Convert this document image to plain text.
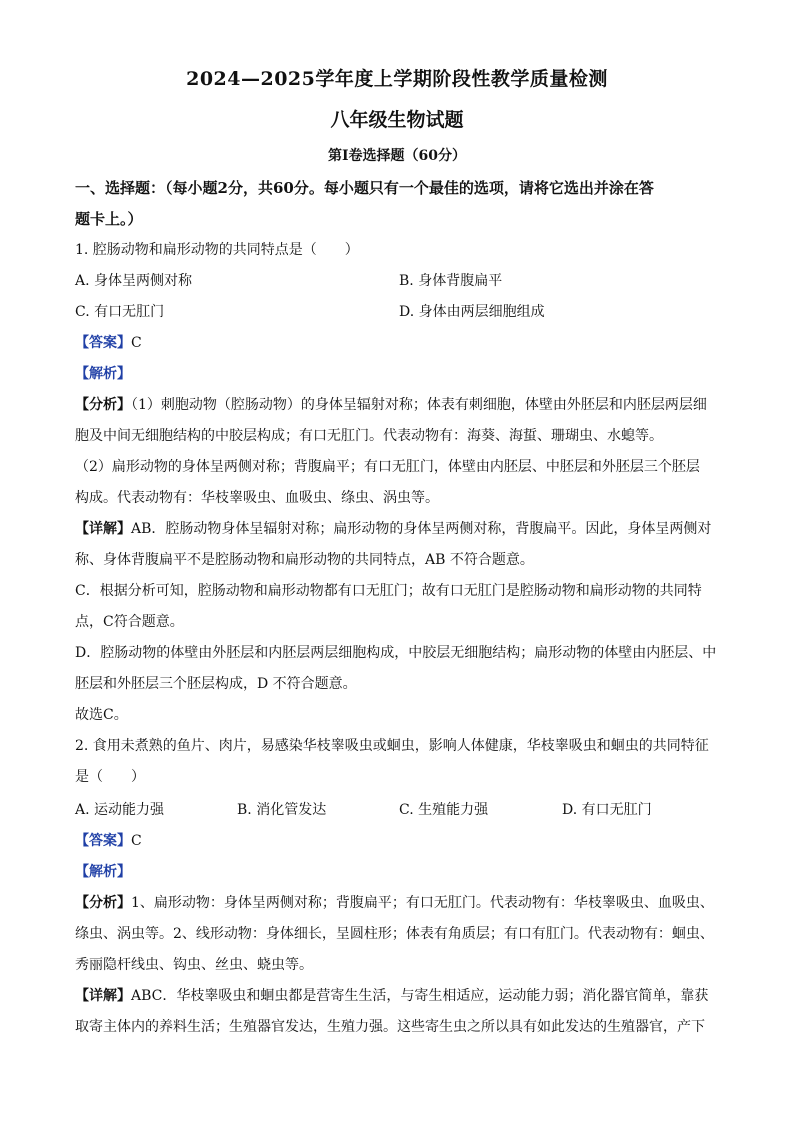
2024—2025学年度上学期阶段性教学质量检测
八年级生物试题
第I卷选择题（60分）
一、选择题：（每小题2分，共60分。每小题只有一个最佳的选项，请将它选出并涂在答
题卡上。）
1. 腔肠动物和扁形动物的共同特点是（　　）
A. 身体呈两侧对称	B. 身体背腹扁平
C. 有口无肛门	D. 身体由两层细胞组成
【答案】C
【解析】
【分析】（1）刺胞动物（腔肠动物）的身体呈辐射对称；体表有刺细胞，体壁由外胚层和内胚层两层细
胞及中间无细胞结构的中胶层构成；有口无肛门。代表动物有：海葵、海蜇、珊瑚虫、水螅等。
（2）扁形动物的身体呈两侧对称；背腹扁平；有口无肛门，体壁由内胚层、中胚层和外胚层三个胚层
构成。代表动物有：华枝睾吸虫、血吸虫、绦虫、涡虫等。
【详解】AB．腔肠动物身体呈辐射对称；扁形动物的身体呈两侧对称，背腹扁平。因此，身体呈两侧对
称、身体背腹扁平不是腔肠动物和扁形动物的共同特点，AB 不符合题意。
C．根据分析可知，腔肠动物和扁形动物都有口无肛门；故有口无肛门是腔肠动物和扁形动物的共同特
点，C符合题意。
D．腔肠动物的体壁由外胚层和内胚层两层细胞构成，中胶层无细胞结构；扁形动物的体壁由内胚层、中
胚层和外胚层三个胚层构成，D 不符合题意。
故选C。
2. 食用未煮熟的鱼片、肉片，易感染华枝睾吸虫或蛔虫，影响人体健康，华枝睾吸虫和蛔虫的共同特征
是（　　）
A. 运动能力强	B. 消化管发达	C. 生殖能力强	D. 有口无肛门
【答案】C
【解析】
【分析】1、扁形动物：身体呈两侧对称；背腹扁平；有口无肛门。代表动物有：华枝睾吸虫、血吸虫、
绦虫、涡虫等。2、线形动物：身体细长，呈圆柱形；体表有角质层；有口有肛门。代表动物有：蛔虫、
秀丽隐杆线虫、钩虫、丝虫、蛲虫等。
【详解】ABC．华枝睾吸虫和蛔虫都是营寄生生活，与寄生相适应，运动能力弱；消化器官简单，靠获
取寄主体内的养料生活；生殖器官发达，生殖力强。这些寄生虫之所以具有如此发达的生殖器官，产下
